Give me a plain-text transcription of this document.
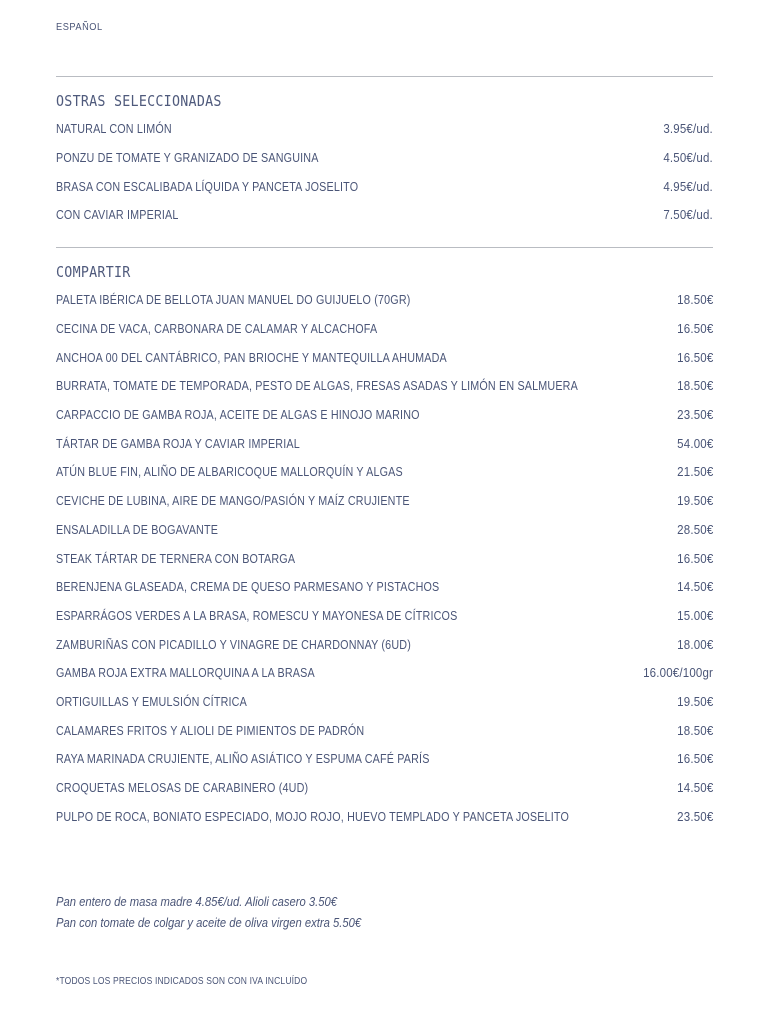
ESPAÑOL
OSTRAS SELECCIONADAS
NATURAL CON LIMÓN	3.95€/ud.
PONZU DE TOMATE Y GRANIZADO DE SANGUINA	4.50€/ud.
BRASA CON ESCALIBADA LÍQUIDA Y PANCETA JOSELITO	4.95€/ud.
CON CAVIAR IMPERIAL	7.50€/ud.
COMPARTIR
PALETA IBÉRICA DE BELLOTA JUAN MANUEL DO GUIJUELO (70GR)	18.50€
CECINA DE VACA, CARBONARA DE CALAMAR Y ALCACHOFA	16.50€
ANCHOA 00 DEL CANTÁBRICO, PAN BRIOCHE Y MANTEQUILLA AHUMADA	16.50€
BURRATA, TOMATE DE TEMPORADA, PESTO DE ALGAS, FRESAS ASADAS Y LIMÓN EN SALMUERA	18.50€
CARPACCIO DE GAMBA ROJA, ACEITE DE ALGAS E HINOJO MARINO	23.50€
TÁRTAR DE GAMBA ROJA Y CAVIAR IMPERIAL	54.00€
ATÚN BLUE FIN, ALIÑO DE ALBARICOQUE MALLORQUÍN Y ALGAS	21.50€
CEVICHE DE LUBINA, AIRE DE MANGO/PASIÓN Y MAÍZ CRUJIENTE	19.50€
ENSALADILLA DE BOGAVANTE	28.50€
STEAK TÁRTAR DE TERNERA CON BOTARGA	16.50€
BERENJENA GLASEADA, CREMA DE QUESO PARMESANO Y PISTACHOS	14.50€
ESPARRÁGOS VERDES A LA BRASA, ROMESCU Y MAYONESA DE CÍTRICOS	15.00€
ZAMBURIÑAS CON PICADILLO Y VINAGRE DE CHARDONNAY (6UD)	18.00€
GAMBA ROJA EXTRA MALLORQUINA A LA BRASA	16.00€/100gr
ORTIGUILLAS Y EMULSIÓN CÍTRICA	19.50€
CALAMARES FRITOS Y ALIOLI DE PIMIENTOS DE PADRÓN	18.50€
RAYA MARINADA CRUJIENTE, ALIÑO ASIÁTICO Y ESPUMA CAFÉ PARÍS	16.50€
CROQUETAS MELOSAS DE CARABINERO (4UD)	14.50€
PULPO DE ROCA, BONIATO ESPECIADO, MOJO ROJO, HUEVO TEMPLADO Y PANCETA JOSELITO	23.50€
Pan entero de masa madre 4.85€/ud. Alioli casero 3.50€
Pan con tomate de colgar y aceite de oliva virgen extra 5.50€
*TODOS LOS PRECIOS INDICADOS SON CON IVA INCLUÍDO
